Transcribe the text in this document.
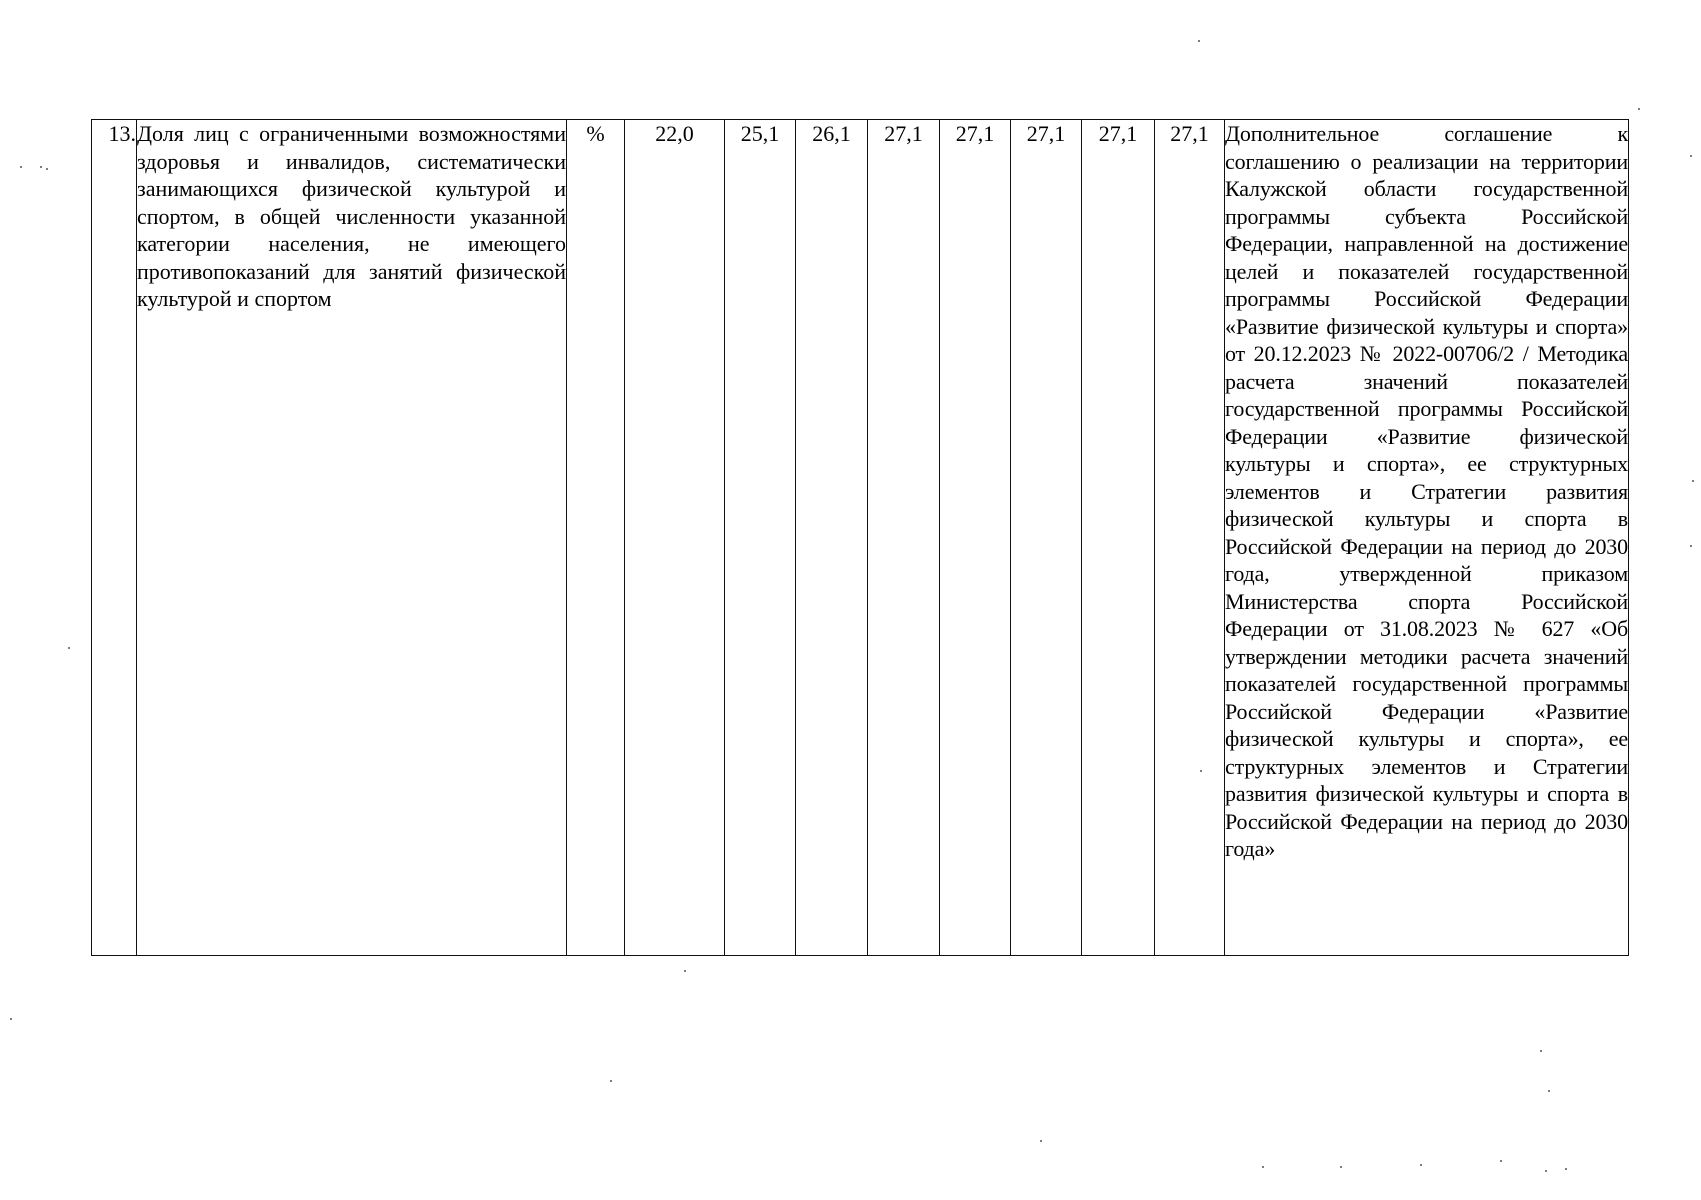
13.	Доля лиц с ограниченными возможностями здоровья и инвалидов, систематически занимающихся физической культурой и спортом, в общей численности указанной категории населения, не имеющего противопоказаний для занятий физической культурой и спортом	%	22,0	25,1	26,1	27,1	27,1	27,1	27,1	27,1	Дополнительное соглашение к соглашению о реализации на территории Калужской области государственной программы субъекта Российской Федерации, направленной на достижение целей и показателей государственной программы Российской Федерации «Развитие физической культуры и спорта» от 20.12.2023 № 2022-00706/2 / Методика расчета значений показателей государственной программы Российской Федерации «Развитие физической культуры и спорта», ее структурных элементов и Стратегии развития физической культуры и спорта в Российской Федерации на период до 2030 года, утвержденной приказом Министерства спорта Российской Федерации от 31.08.2023 № 627 «Об утверждении методики расчета значений показателей государственной программы Российской Федерации «Развитие физической культуры и спорта», ее структурных элементов и Стратегии развития физической культуры и спорта в Российской Федерации на период до 2030 года»
